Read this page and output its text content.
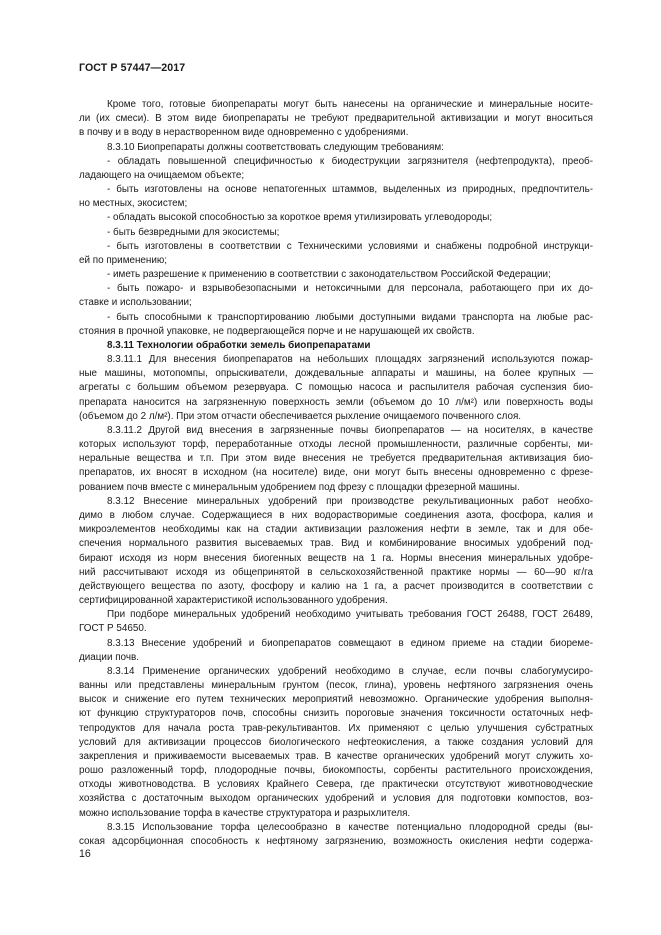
ГОСТ Р 57447—2017
Кроме того, готовые биопрепараты могут быть нанесены на органические и минеральные носите-
ли (их смеси). В этом виде биопрепараты не требуют предварительной активизации и могут вноситься
в почву и в воду в нерастворенном виде одновременно с удобрениями.
8.3.10 Биопрепараты должны соответствовать следующим требованиям:
- обладать повышенной специфичностью к биодеструкции загрязнителя (нефтепродукта), преоб-
ладающего на очищаемом объекте;
- быть изготовлены на основе непатогенных штаммов, выделенных из природных, предпочтитель-
но местных, экосистем;
- обладать высокой способностью за короткое время утилизировать углеводороды;
- быть безвредными для экосистемы;
- быть изготовлены в соответствии с Техническими условиями и снабжены подробной инструкци-
ей по применению;
- иметь разрешение к применению в соответствии с законодательством Российской Федерации;
- быть пожаро- и взрывобезопасными и нетоксичными для персонала, работающего при их до-
ставке и использовании;
- быть способными к транспортированию любыми доступными видами транспорта на любые рас-
стояния в прочной упаковке, не подвергающейся порче и не нарушающей их свойств.
8.3.11 Технологии обработки земель биопрепаратами
8.3.11.1 Для внесения биопрепаратов на небольших площадях загрязнений используются пожар-
ные машины, мотопомпы, опрыскиватели, дождевальные аппараты и машины, на более крупных —
агрегаты с большим объемом резервуара. С помощью насоса и распылителя рабочая суспензия био-
препарата наносится на загрязненную поверхность земли (объемом до 10 л/м²) или поверхность воды
(объемом до 2 л/м²). При этом отчасти обеспечивается рыхление очищаемого почвенного слоя.
8.3.11.2 Другой вид внесения в загрязненные почвы биопрепаратов — на носителях, в качестве
которых используют торф, переработанные отходы лесной промышленности, различные сорбенты, ми-
неральные вещества и т.п. При этом виде внесения не требуется предварительная активизация био-
препаратов, их вносят в исходном (на носителе) виде, они могут быть внесены одновременно с фрезе-
рованием почв вместе с минеральным удобрением под фрезу с площадки фрезерной машины.
8.3.12 Внесение минеральных удобрений при производстве рекультивационных работ необхо-
димо в любом случае. Содержащиеся в них водорастворимые соединения азота, фосфора, калия и
микроэлементов необходимы как на стадии активизации разложения нефти в земле, так и для обе-
спечения нормального развития высеваемых трав. Вид и комбинирование вносимых удобрений под-
бирают исходя из норм внесения биогенных веществ на 1 га. Нормы внесения минеральных удобре-
ний рассчитывают исходя из общепринятой в сельскохозяйственной практике нормы — 60—90 кг/га
действующего вещества по азоту, фосфору и калию на 1 га, а расчет производится в соответствии с
сертифицированной характеристикой использованного удобрения.
При подборе минеральных удобрений необходимо учитывать требования ГОСТ 26488, ГОСТ 26489,
ГОСТ Р 54650.
8.3.13 Внесение удобрений и биопрепаратов совмещают в едином приеме на стадии биореме-
диации почв.
8.3.14 Применение органических удобрений необходимо в случае, если почвы слабогумусиро-
ванны или представлены минеральным грунтом (песок, глина), уровень нефтяного загрязнения очень
высок и снижение его путем технических мероприятий невозможно. Органические удобрения выполня-
ют функцию структураторов почв, способны снизить пороговые значения токсичности остаточных неф-
тепродуктов для начала роста трав-рекультивантов. Их применяют с целью улучшения субстратных
условий для активизации процессов биологического нефтеокисления, а также создания условий для
закрепления и приживаемости высеваемых трав. В качестве органических удобрений могут служить хо-
рошо разложенный торф, плодородные почвы, биокомпосты, сорбенты растительного происхождения,
отходы животноводства. В условиях Крайнего Севера, где практически отсутствуют животноводческие
хозяйства с достаточным выходом органических удобрений и условия для подготовки компостов, воз-
можно использование торфа в качестве структуратора и разрыхлителя.
8.3.15 Использование торфа целесообразно в качестве потенциально плодородной среды (вы-
сокая адсорбционная способность к нефтяному загрязнению, возможность окисления нефти содержа-
16
